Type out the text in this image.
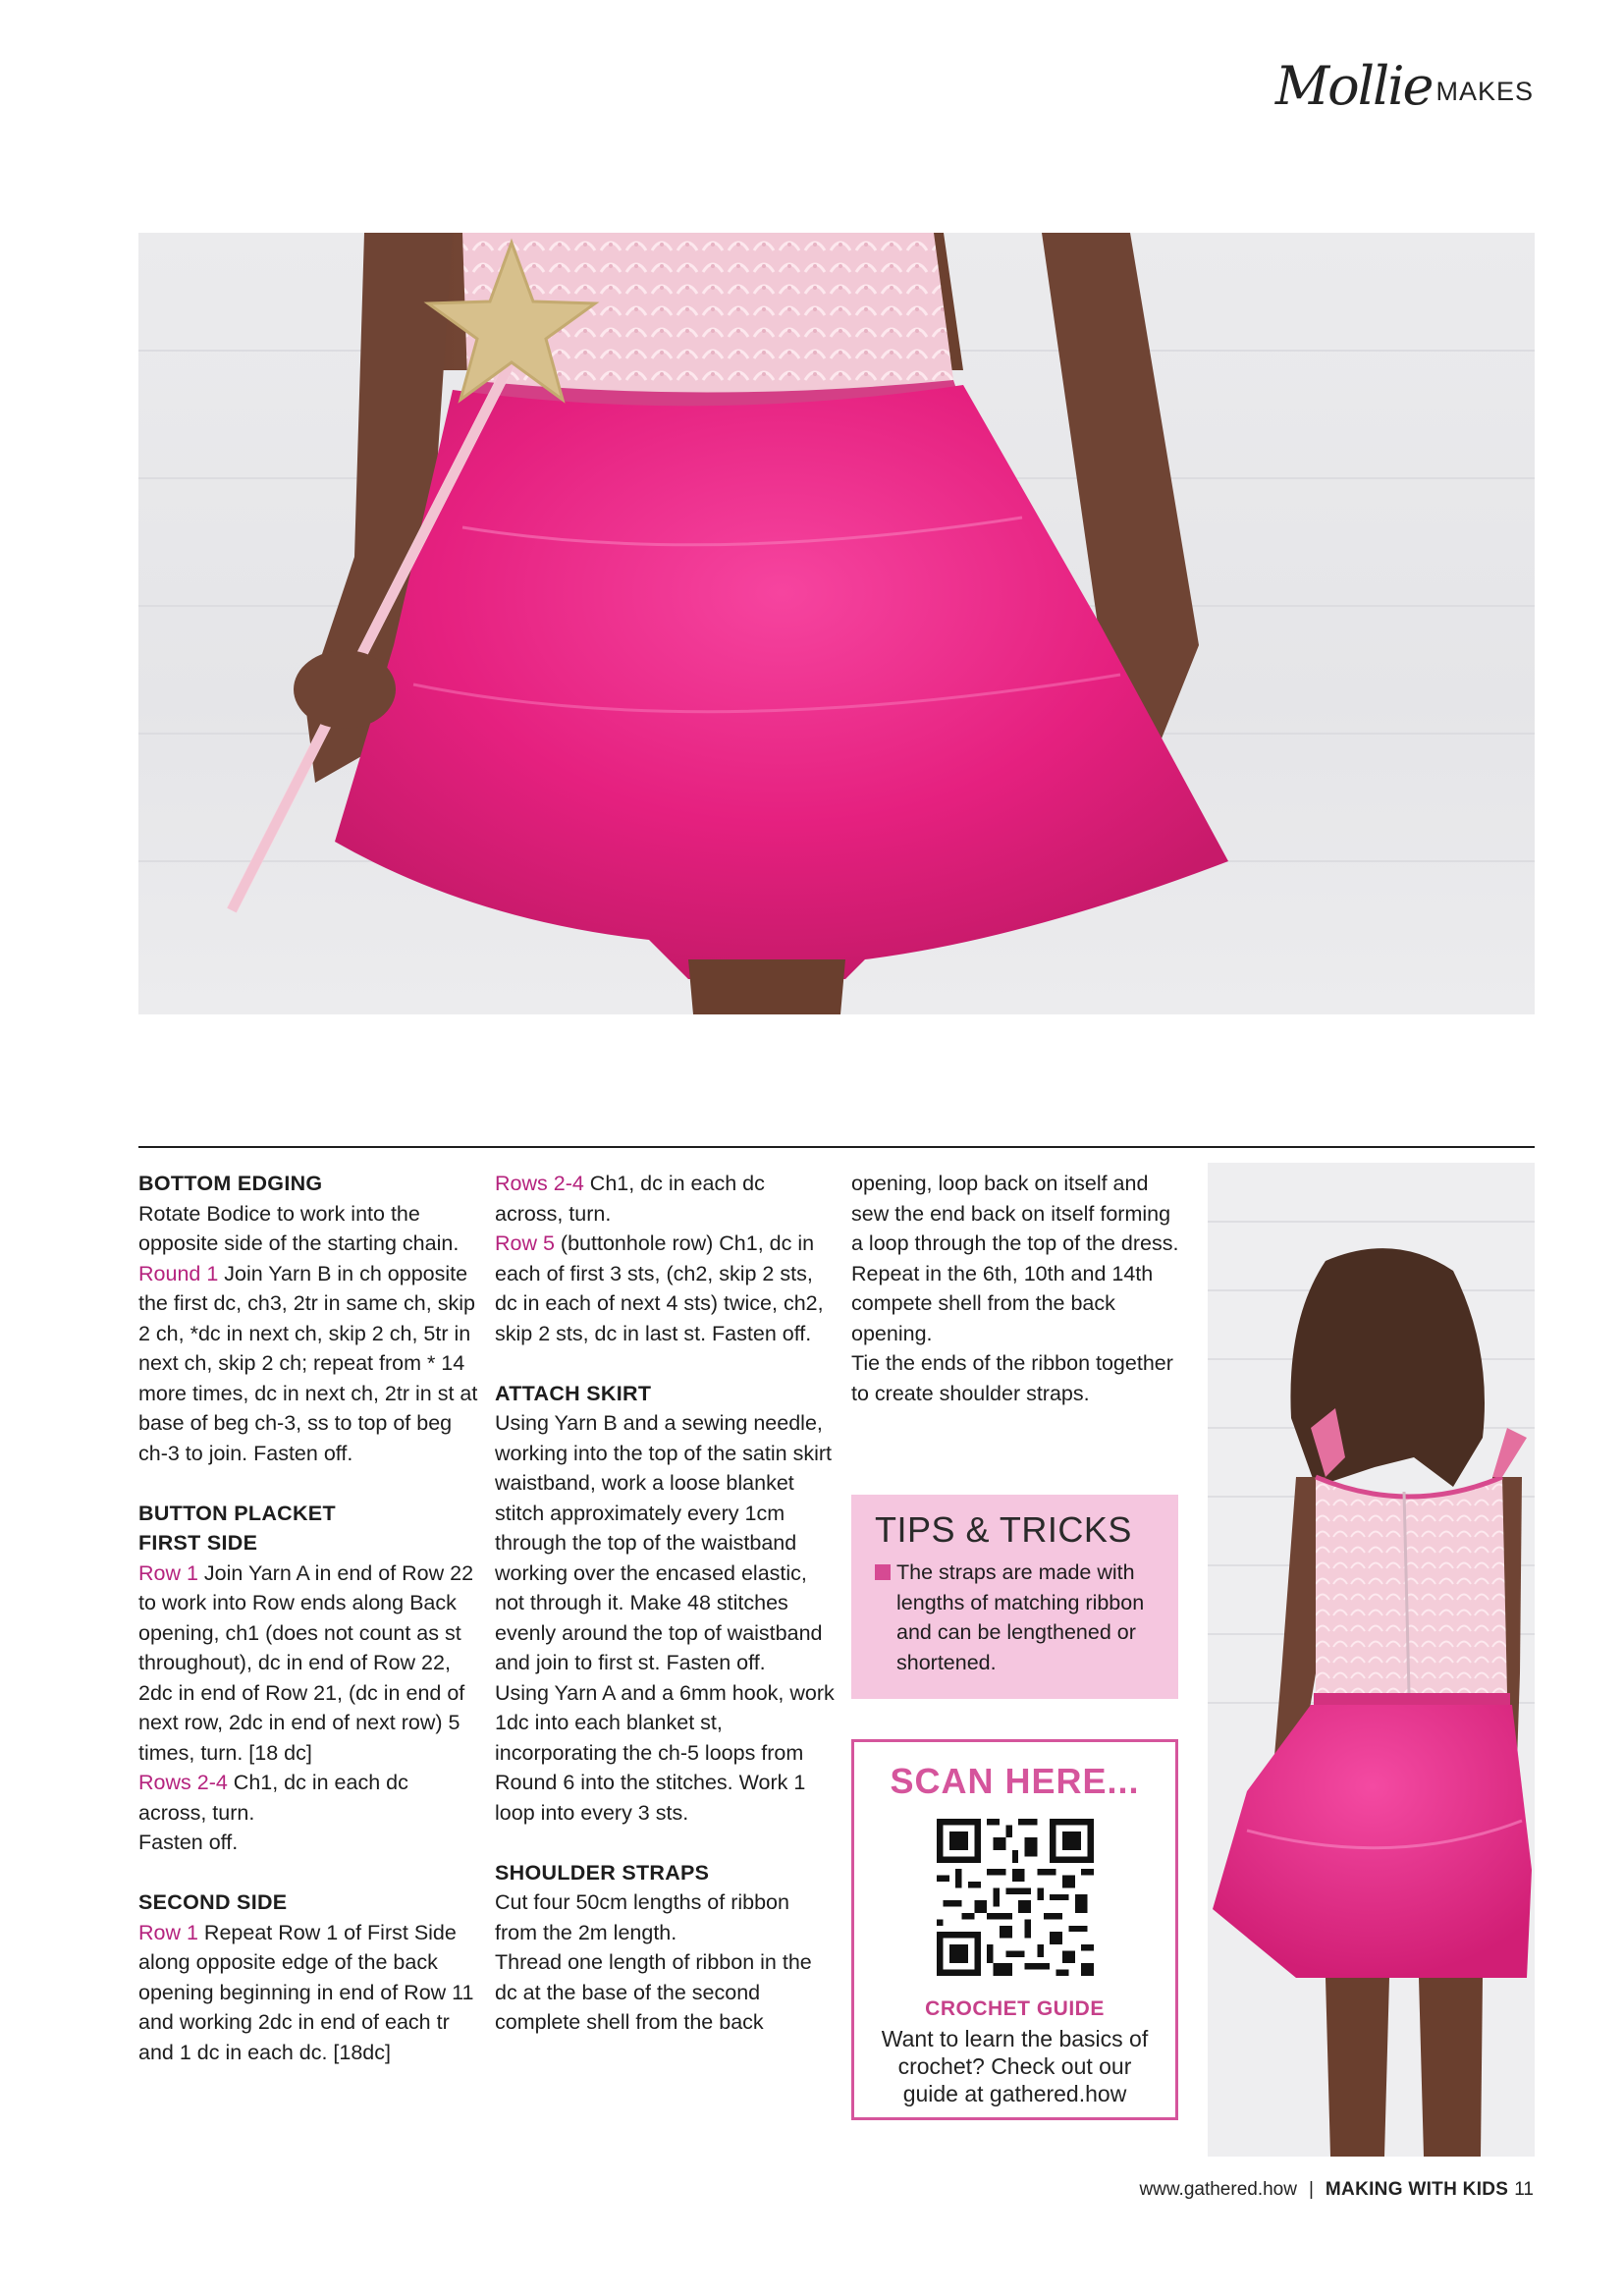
Mollie MAKES
BOTTOM EDGING

Rotate Bodice to work into the opposite side of the starting chain.

Round 1 Join Yarn B in ch opposite the first dc, ch3, 2tr in same ch, skip 2 ch, *dc in next ch, skip 2 ch, 5tr in next ch, skip 2 ch; repeat from * 14 more times, dc in next ch, 2tr in st at base of beg ch-3, ss to top of beg ch-3 to join. Fasten off.

BUTTON PLACKET
FIRST SIDE

Row 1 Join Yarn A in end of Row 22 to work into Row ends along Back opening, ch1 (does not count as st throughout), dc in end of Row 22, 2dc in end of Row 21, (dc in end of next row, 2dc in end of next row) 5 times, turn. [18 dc]

Rows 2-4 Ch1, dc in each dc across, turn.

Fasten off.

SECOND SIDE

Row 1 Repeat Row 1 of First Side along opposite edge of the back opening beginning in end of Row 11 and working 2dc in end of each tr and 1 dc in each dc. [18dc]

Rows 2-4 Ch1, dc in each dc across, turn.

Row 5 (buttonhole row) Ch1, dc in each of first 3 sts, (ch2, skip 2 sts, dc in each of next 4 sts) twice, ch2, skip 2 sts, dc in last st. Fasten off.

ATTACH SKIRT

Using Yarn B and a sewing needle, working into the top of the satin skirt waistband, work a loose blanket stitch approximately every 1cm through the top of the waistband working over the encased elastic, not through it. Make 48 stitches evenly around the top of waistband and join to first st. Fasten off.

Using Yarn A and a 6mm hook, work 1dc into each blanket st, incorporating the ch-5 loops from Round 6 into the stitches. Work 1 loop into every 3 sts.

SHOULDER STRAPS

Cut four 50cm lengths of ribbon from the 2m length.

Thread one length of ribbon in the dc at the base of the second complete shell from the back

opening, loop back on itself and sew the end back on itself forming a loop through the top of the dress.

Repeat in the 6th, 10th and 14th compete shell from the back opening.

Tie the ends of the ribbon together to create shoulder straps.

TIPS & TRICKS
The straps are made with lengths of matching ribbon and can be lengthened or shortened.
SCAN HERE...
CROCHET GUIDE
Want to learn the basics of crochet? Check out our guide at gathered.how
www.gathered.how | MAKING WITH KIDS 11
